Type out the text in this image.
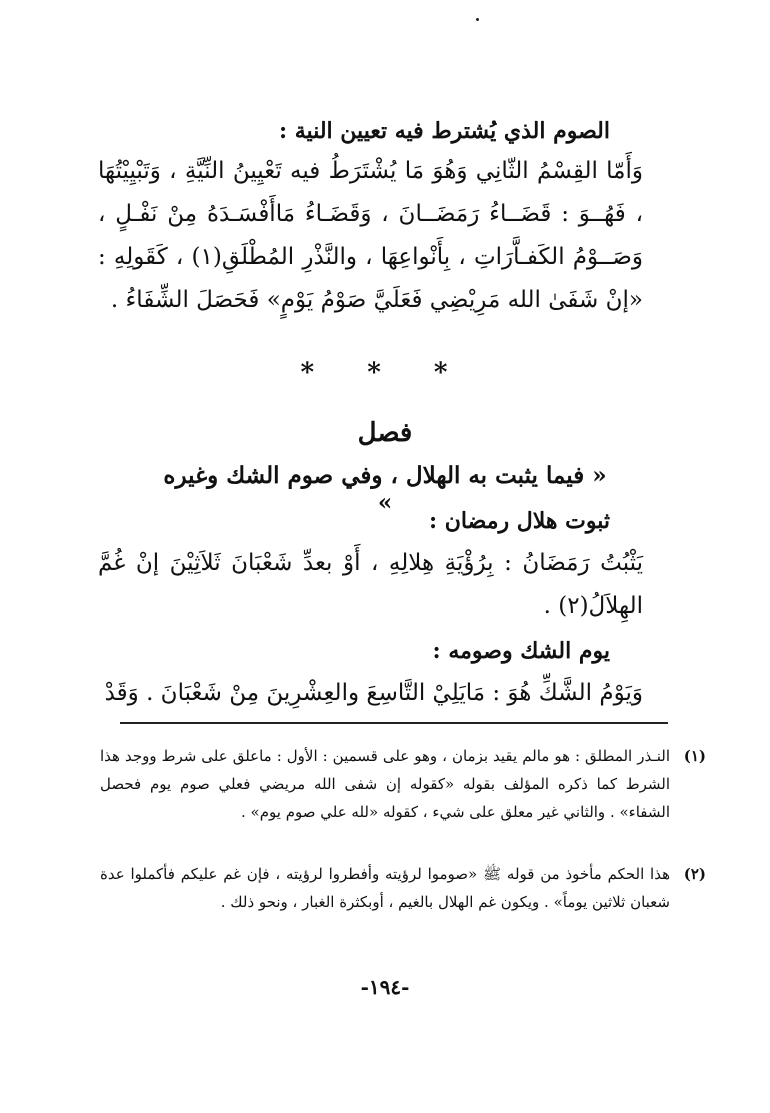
الصوم الذي يُشترط فيه تعيين النية :
وَأَمّا القِسْمُ الثّانِي وَهُوَ مَا يُشْتَرَطُ فيه تَعْيِينُ النِّيَّةِ ، وَتَبْيِيْتُهَا ، فَهُــوَ : قَضَــاءُ رَمَضَــانَ ، وَقَضَـاءُ مَاأَفْسَـدَهُ مِنْ نَفْـلٍ ، وَصَــوْمُ الكَفـاَّرَاتِ ، بِأَنْواعِهَا ، والنَّذْرِ المُطْلَقِ(١) ، كَقَولِهِ : «إنْ شَفَىٰ الله مَرِيْضِي فَعَلَيَّ صَوْمُ يَوْمٍ» فَحَصَلَ الشِّفَاءُ .
* * *
فصل
« فيما يثبت به الهلال ، وفي صوم الشك وغيره »
ثبوت هلال رمضان :
يَثْبُتُ رَمَضَانُ : بِرُؤْيَةِ هِلالِهِ ، أَوْ بعدِّ شَعْبَانَ ثَلاَثِيْنَ إنْ غُمَّ الهِلاَلُ(٢) .
يوم الشك وصومه :
وَيَوْمُ الشَّكِّ هُوَ : مَايَلِيْ التَّاسِعَ والعِشْرِينَ مِنْ شَعْبَانَ . وَقَدْ
(١)
النـذر المطلق : هو مالم يقيد بزمان ، وهو على قسمين : الأول : ماعلق على شرط ووجد هذا الشرط كما ذكره المؤلف بقوله «كقوله إن شفى الله مريضي فعلي صوم يوم فحصل الشفاء» . والثاني غير معلق على شيء ، كقوله «لله علي صوم يوم» .
(٢)
هذا الحكم مأخوذ من قوله ﷺ «صوموا لرؤيته وأفطروا لرؤيته ، فإن غم عليكم فأكملوا عدة شعبان ثلاثين يوماً» . ويكون غم الهلال بالغيم ، أوبكثرة الغبار ، ونحو ذلك .
-١٩٤-
